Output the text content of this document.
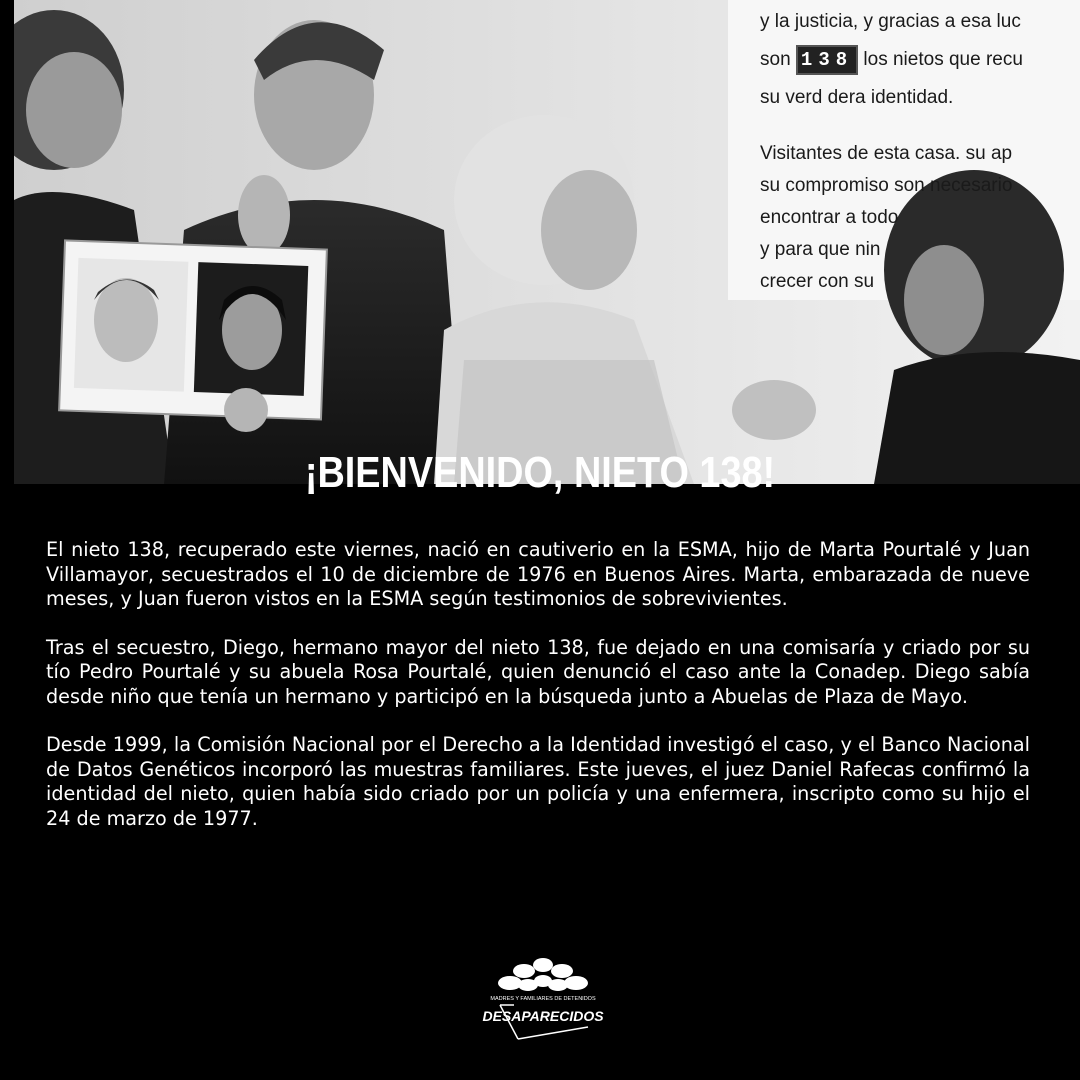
y la justicia, y gracias a esa luc
son 138 los nietos que recu
su verd dera identidad.
Visitantes de esta casa. su ap
su compromiso son necesario
encontrar a todo
y para que nin
crecer con su
¡BIENVENIDO, NIETO 138!

El nieto 138, recuperado este viernes, nació en cautiverio en la ESMA, hijo de Marta Pourtalé y Juan Villamayor, secuestrados el 10 de diciembre de 1976 en Buenos Aires. Marta, embarazada de nueve meses, y Juan fueron vistos en la ESMA según testimonios de sobrevivientes.

Tras el secuestro, Diego, hermano mayor del nieto 138, fue dejado en una comisaría y criado por su tío Pedro Pourtalé y su abuela Rosa Pourtalé, quien denunció el caso ante la Conadep. Diego sabía desde niño que tenía un hermano y participó en la búsqueda junto a Abuelas de Plaza de Mayo.

Desde 1999, la Comisión Nacional por el Derecho a la Identidad investigó el caso, y el Banco Nacional de Datos Genéticos incorporó las muestras familiares. Este jueves, el juez Daniel Rafecas confirmó la identidad del nieto, quien había sido criado por un policía y una enfermera, inscripto como su hijo el 24 de marzo de 1977.

MADRES Y FAMILIARES DE DETENIDOS
DESAPARECIDOS
